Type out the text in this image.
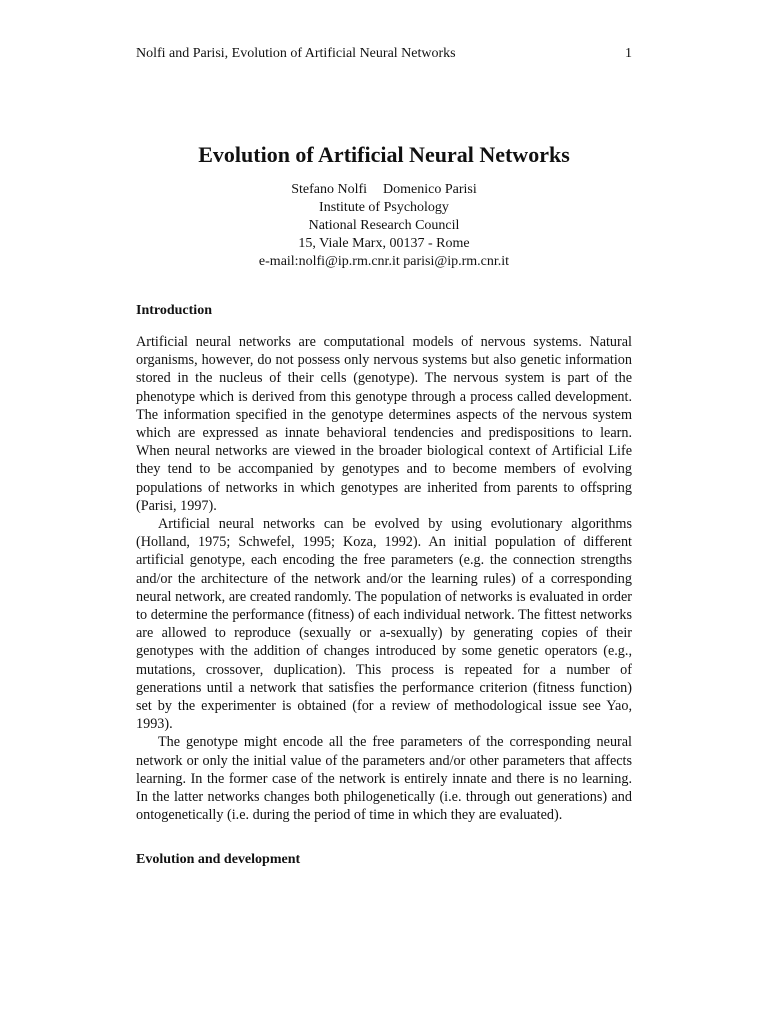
Nolfi and Parisi, Evolution of Artificial Neural Networks	1
Evolution of Artificial Neural Networks
Stefano Nolfi Domenico Parisi
Institute of Psychology
National Research Council
15, Viale Marx, 00137 - Rome
e-mail:nolfi@ip.rm.cnr.it parisi@ip.rm.cnr.it
Introduction

Artificial neural networks are computational models of nervous systems. Natural organisms, however, do not possess only nervous systems but also genetic information stored in the nucleus of their cells (genotype). The nervous system is part of the phenotype which is derived from this genotype through a process called development. The information specified in the genotype determines aspects of the nervous system which are expressed as innate behavioral tendencies and predispositions to learn. When neural networks are viewed in the broader biological context of Artificial Life they tend to be accompanied by genotypes and to become members of evolving populations of networks in which genotypes are inherited from parents to offspring (Parisi, 1997).

Artificial neural networks can be evolved by using evolutionary algorithms (Holland, 1975; Schwefel, 1995; Koza, 1992). An initial population of different artificial genotype, each encoding the free parameters (e.g. the connection strengths and/or the architecture of the network and/or the learning rules) of a corresponding neural network, are created randomly. The population of networks is evaluated in order to determine the performance (fitness) of each individual network. The fittest networks are allowed to reproduce (sexually or a-sexually) by generating copies of their genotypes with the addition of changes introduced by some genetic operators (e.g., mutations, crossover, duplication). This process is repeated for a number of generations until a network that satisfies the performance criterion (fitness function) set by the experimenter is obtained (for a review of methodological issue see Yao, 1993).

The genotype might encode all the free parameters of the corresponding neural network or only the initial value of the parameters and/or other parameters that affects learning. In the former case of the network is entirely innate and there is no learning. In the latter networks changes both philogenetically (i.e. through out generations) and ontogenetically (i.e. during the period of time in which they are evaluated).

Evolution and development
